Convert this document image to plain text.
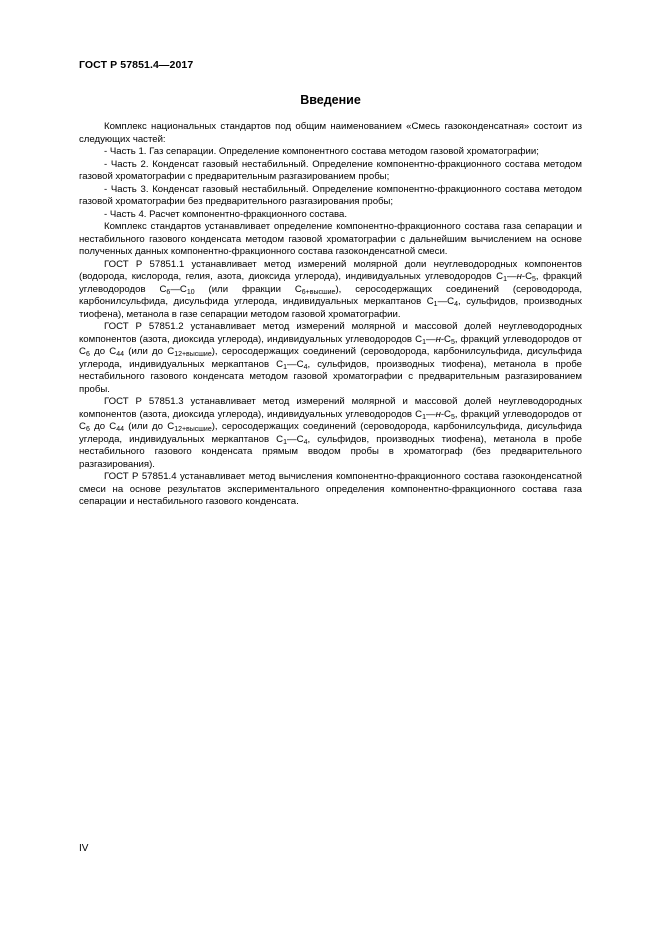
ГОСТ Р 57851.4—2017
Введение

Комплекс национальных стандартов под общим наименованием «Смесь газоконденсатная» состоит из следующих частей:

- Часть 1. Газ сепарации. Определение компонентного состава методом газовой хроматографии;

- Часть 2. Конденсат газовый нестабильный. Определение компонентно-фракционного состава методом газовой хроматографии с предварительным разгазированием пробы;

- Часть 3. Конденсат газовый нестабильный. Определение компонентно-фракционного состава методом газовой хроматографии без предварительного разгазирования пробы;

- Часть 4. Расчет компонентно-фракционного состава.

Комплекс стандартов устанавливает определение компонентно-фракционного состава газа сепарации и нестабильного газового конденсата методом газовой хроматографии с дальнейшим вычислением на основе полученных данных компонентно-фракционного состава газоконденсатной смеси.

ГОСТ Р 57851.1 устанавливает метод измерений молярной доли неуглеводородных компонентов (водорода, кислорода, гелия, азота, диоксида углерода), индивидуальных углеводородов $С_1—н-С_5$, фракций углеводородов $С_6—С_{10}$ (или фракции $С_{6+высшие}$), серосодержащих соединений (сероводорода, карбонилсульфида, дисульфида углерода, индивидуальных меркаптанов $С_1—С_4$, сульфидов, производных тиофена), метанола в газе сепарации методом газовой хроматографии.

ГОСТ Р 57851.2 устанавливает метод измерений молярной и массовой долей неуглеводородных компонентов (азота, диоксида углерода), индивидуальных углеводородов $С_1—н-С_5$, фракций углеводородов от $С_6$ до $С_{44}$ (или до $С_{12+высшие}$), серосодержащих соединений (сероводорода, карбонилсульфида, дисульфида углерода, индивидуальных меркаптанов $С_1—С_4$, сульфидов, производных тиофена), метанола в пробе нестабильного газового конденсата методом газовой хроматографии с предварительным разгазированием пробы.

ГОСТ Р 57851.3 устанавливает метод измерений молярной и массовой долей неуглеводородных компонентов (азота, диоксида углерода), индивидуальных углеводородов $С_1—н-С_5$, фракций углеводородов от $С_6$ до $С_{44}$ (или до $С_{12+высшие}$), серосодержащих соединений (сероводорода, карбонилсульфида, дисульфида углерода, индивидуальных меркаптанов $С_1—С_4$, сульфидов, производных тиофена), метанола в пробе нестабильного газового конденсата прямым вводом пробы в хроматограф (без предварительного разгазирования).

ГОСТ Р 57851.4 устанавливает метод вычисления компонентно-фракционного состава газоконденсатной смеси на основе результатов экспериментального определения компонентно-фракционного состава газа сепарации и нестабильного газового конденсата.

IV
